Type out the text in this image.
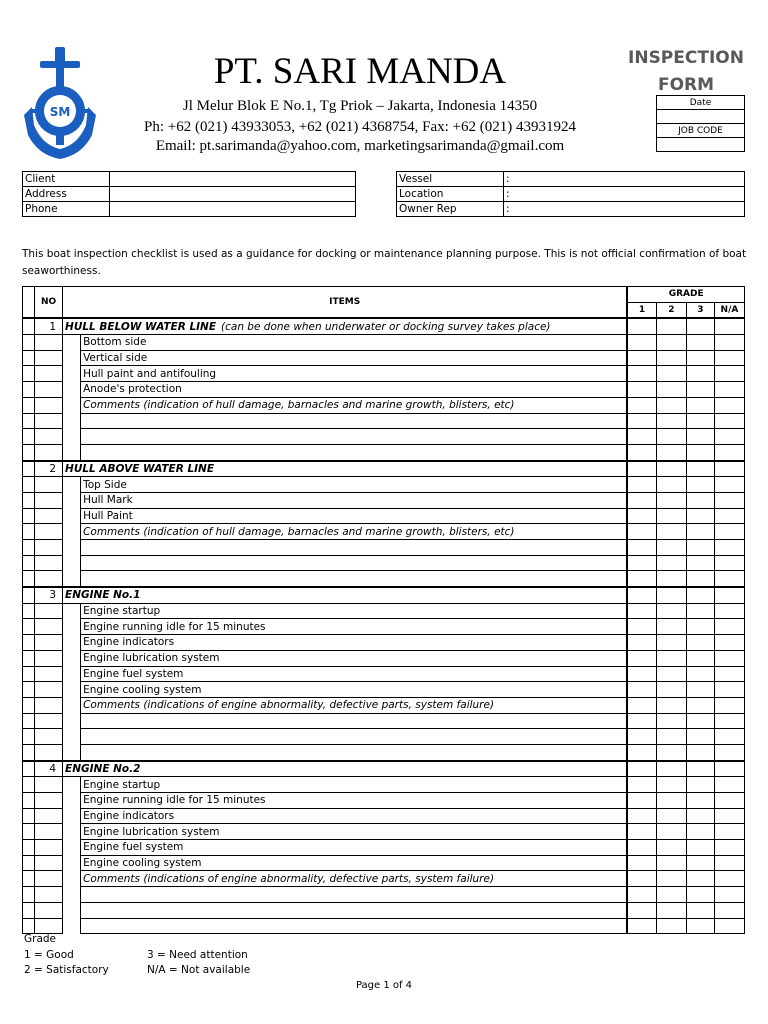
SM
PT. SARI MANDA
Jl Melur Blok E No.1, Tg Priok – Jakarta, Indonesia 14350
Ph: +62 (021) 43933053, +62 (021) 4368754, Fax: +62 (021) 43931924
Email: pt.sarimanda@yahoo.com, marketingsarimanda@gmail.com
INSPECTION
FORM
Date

JOB CODE

Client	
Address	
Phone	
Vessel	:
Location	:
Owner Rep	:
This boat inspection checklist is used as a guidance for docking or maintenance planning purpose. This is not official confirmation of boat seaworthiness.
	NO	ITEMS		GRADE			
				1	2	3	N/A
	1	HULL BELOW WATER LINE (can be done when underwater or docking survey takes place)					
			Bottom side				
			Vertical side				
			Hull paint and antifouling				
			Anode's protection				
			Comments (indication of hull damage, barnacles and marine growth, blisters, etc)				

	2	HULL ABOVE WATER LINE					
			Top Side				
			Hull Mark				
			Hull Paint				
			Comments (indication of hull damage, barnacles and marine growth, blisters, etc)				

	3	ENGINE No.1					
			Engine startup				
			Engine running idle for 15 minutes				
			Engine indicators				
			Engine lubrication system				
			Engine fuel system				
			Engine cooling system				
			Comments (indications of engine abnormality, defective parts, system failure)				

	4	ENGINE No.2					
			Engine startup				
			Engine running idle for 15 minutes				
			Engine indicators				
			Engine lubrication system				
			Engine fuel system				
			Engine cooling system				
			Comments (indications of engine abnormality, defective parts, system failure)				

Grade
1 = Good	3 = Need attention
2 = Satisfactory	N/A = Not available
Page 1 of 4
